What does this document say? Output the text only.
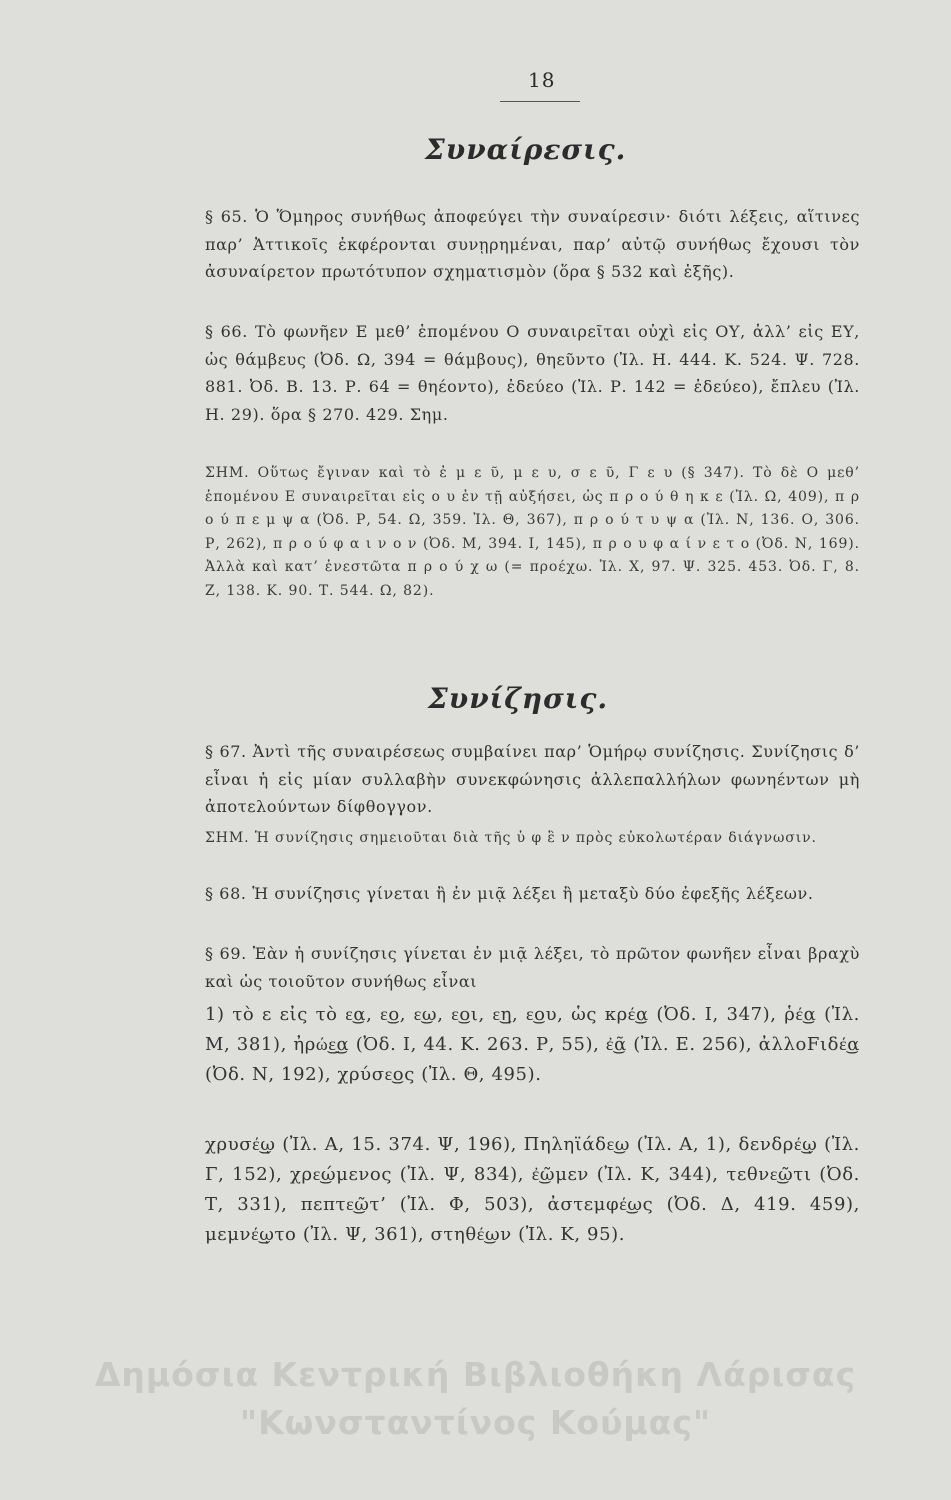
18
Συναίρεσις.
§ 65. Ὁ Ὅμηρος συνήθως ἀποφεύγει τὴν συναίρεσιν· διότι λέξεις, αἵτινες παρ’ Ἀττικοῖς ἐκφέρονται συνῃρημέναι, παρ’ αὐτῷ συνήθως ἔχουσι τὸν ἀσυναίρετον πρωτότυπον σχηματισμὸν (ὅρα § 532 καὶ ἑξῆς).
§ 66. Τὸ φωνῆεν Ε μεθ’ ἑπομένου Ο συναιρεῖται οὐχὶ εἰς ΟΥ, ἀλλ’ εἰς ΕΥ, ὡς θάμβευς (Ὀδ. Ω, 394 = θάμβους), θηεῦντο (Ἰλ. Η. 444. Κ. 524. Ψ. 728. 881. Ὀδ. Β. 13. Ρ. 64 = θηέοντο), ἐδεύεο (Ἰλ. Ρ. 142 = ἐδεύεο), ἔπλευ (Ἰλ. Η. 29). ὅρα § 270. 429. Σημ.
ΣΗΜ. Οὕτως ἔγιναν καὶ τὸ ἐ μ ε ῦ, μ ε υ, σ ε ῦ, Γ ε υ (§ 347). Τὸ δὲ Ο μεθ’ ἑπομένου Ε συναιρεῖται εἰς ο υ ἐν τῇ αὐξήσει, ὡς π ρ ο ύ θ η κ ε (Ἰλ. Ω, 409), π ρ ο ύ π ε μ ψ α (Ὀδ. Ρ, 54. Ω, 359. Ἰλ. Θ, 367), π ρ ο ύ τ υ ψ α (Ἰλ. Ν, 136. Ο, 306. Ρ, 262), π ρ ο ύ φ α ι ν ο ν (Ὀδ. Μ, 394. Ι, 145), π ρ ο υ φ α ί ν ε τ ο (Ὀδ. Ν, 169). Ἀλλὰ καὶ κατ’ ἐνεστῶτα π ρ ο ύ χ ω (= προέχω. Ἰλ. Χ, 97. Ψ. 325. 453. Ὀδ. Γ, 8. Ζ, 138. Κ. 90. Τ. 544. Ω, 82).
Συνίζησις.
§ 67. Ἀντὶ τῆς συναιρέσεως συμβαίνει παρ’ Ὁμήρῳ συνίζησις. Συνίζησις δ’ εἶναι ἡ εἰς μίαν συλλαβὴν συνεκφώνησις ἀλλεπαλλήλων φωνηέντων μὴ ἀποτελούντων δίφθογγον.
ΣΗΜ. Ἡ συνίζησις σημειοῦται διὰ τῆς ὑ φ ἓ ν πρὸς εὐκολωτέραν διάγνωσιν.
§ 68. Ἡ συνίζησις γίνεται ἢ ἐν μιᾷ λέξει ἢ μεταξὺ δύο ἐφεξῆς λέξεων.
§ 69. Ἐὰν ἡ συνίζησις γίνεται ἐν μιᾷ λέξει, τὸ πρῶτον φωνῆεν εἶναι βραχὺ καὶ ὡς τοιοῦτον συνήθως εἶναι
1) τὸ ε εἰς τὸ ε͜α, ε͜ο, ε͜ω, ε͜οι, ε͜η, ε͜ου, ὡς κρέ͜α (Ὀδ. Ι, 347), ῥέ͜α (Ἰλ. Μ, 381), ἠρώ͜ε͜α (Ὀδ. Ι, 44. Κ. 263. Ρ, 55), ἐ͜ᾶ (Ἰλ. Ε. 256), ἀλλοFιδέ͜α (Ὀδ. Ν, 192), χρύσε͜ος (Ἰλ. Θ, 495).
χρυσέ͜ῳ (Ἰλ. Α, 15. 374. Ψ, 196), Πηληϊάδε͜ω (Ἰλ. Α, 1), δενδρέ͜ῳ (Ἰλ. Γ, 152), χρε͜ώμενος (Ἰλ. Ψ, 834), ἐ͜ῶμεν (Ἰλ. Κ, 344), τεθνε͜ῶτι (Ὀδ. Τ, 331), πεπτε͜ῶτ’ (Ἰλ. Φ, 503), ἀστεμφέ͜ως (Ὀδ. Δ, 419. 459), μεμνέ͜ῳτο (Ἰλ. Ψ, 361), στηθέ͜ων (Ἰλ. Κ, 95).
Δημόσια Κεντρική Βιβλιοθήκη Λάρισας
"Κωνσταντίνος Κούμας"
